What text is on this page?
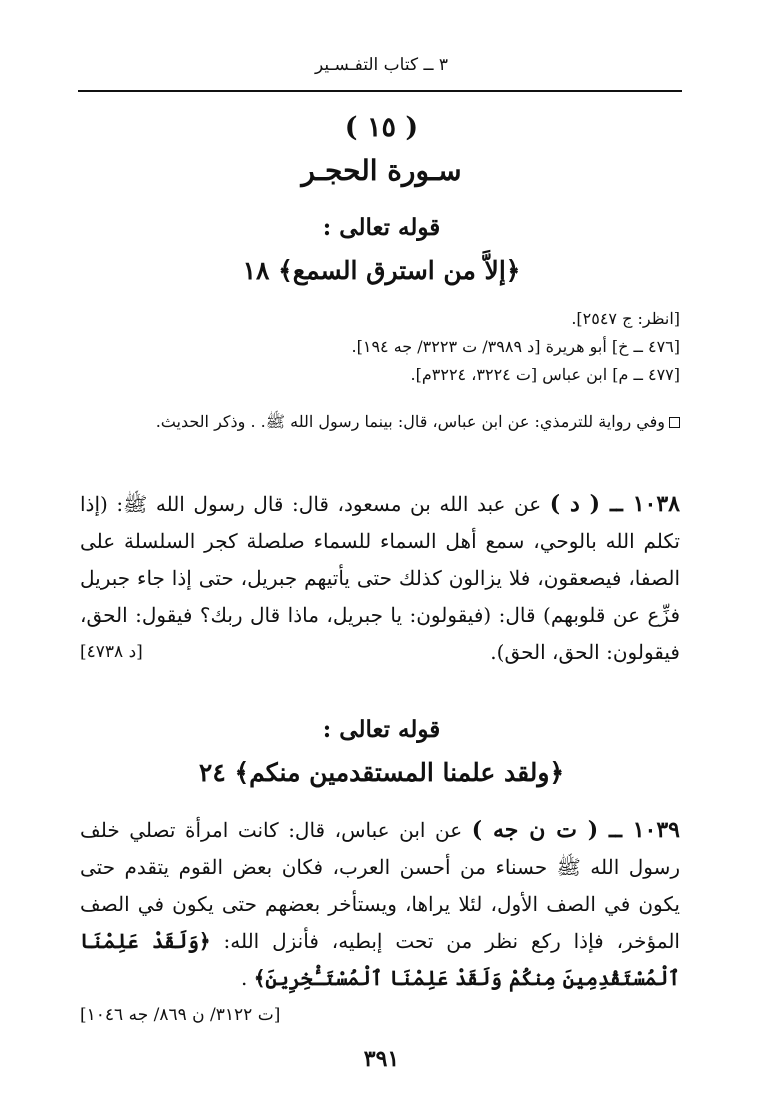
٣ ــ كتاب التفـسـير
( ١٥ )
سـورة الحجـر
قوله تعالى :
﴿إلاَّ من استرق السمع﴾ ١٨
[انظر: ج ٢٥٤٧].
[٤٧٦ ــ خ] أبو هريرة [د ٣٩٨٩/ ت ٣٢٢٣/ جه ١٩٤].
[٤٧٧ ــ م] ابن عباس [ت ٣٢٢٤، ٣٢٢٤م].
وفي رواية للترمذي: عن ابن عباس، قال: بينما رسول الله ﷺ. . وذكر الحديث.

١٠٣٨ ــ ( د ) عن عبد الله بن مسعود، قال: قال رسول الله ﷺ: (إذا تكلم الله بالوحي، سمع أهل السماء للسماء صلصلة كجر السلسلة على الصفا، فيصعقون، فلا يزالون كذلك حتى يأتيهم جبريل، حتى إذا جاء جبريل فزِّع عن قلوبهم) قال: (فيقولون: يا جبريل، ماذا قال ربك؟ فيقول: الحق، فيقولون: الحق، الحق).
[د ٤٧٣٨]

قوله تعالى :
﴿ولقد علمنا المستقدمين منكم﴾ ٢٤

١٠٣٩ ــ ( ت ن جه ) عن ابن عباس، قال: كانت امرأة تصلي خلف رسول الله ﷺ حسناء من أحسن العرب، فكان بعض القوم يتقدم حتى يكون في الصف الأول، لئلا يراها، ويستأخر بعضهم حتى يكون في الصف المؤخر، فإذا ركع نظر من تحت إبطيه، فأنزل الله: ﴿وَلَقَدْ عَلِمْنَا ٱلْمُسْتَقْدِمِينَ مِنكُمْ وَلَقَدْ عَلِمْنَا ٱلْمُسْتَـْٔخِرِينَ﴾ .
[ت ٣١٢٢/ ن ٨٦٩/ جه ١٠٤٦]

٣٩١
